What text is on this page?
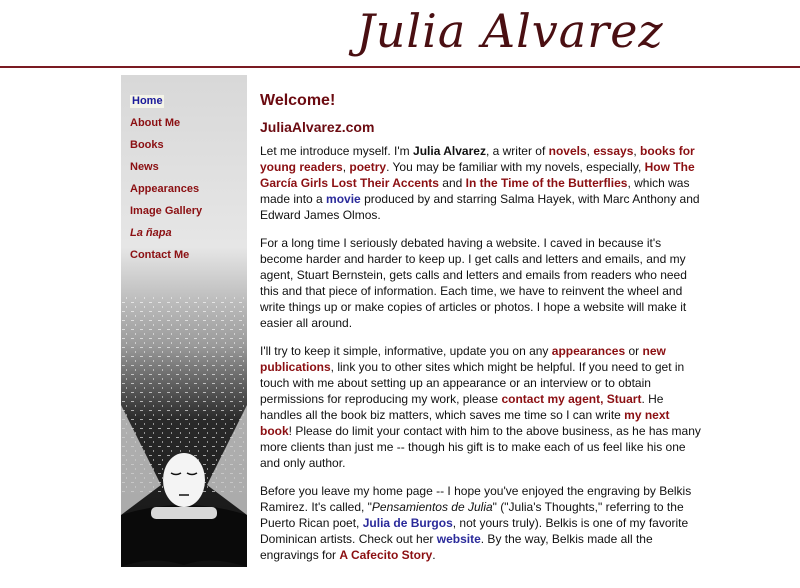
Julia Alvarez
Home
About Me
Books
News
Appearances
Image Gallery
La ñapa
Contact Me
Welcome!
JuliaAlvarez.com

Let me introduce myself. I'm Julia Alvarez, a writer of novels, essays, books for young readers, poetry. You may be familiar with my novels, especially, How The García Girls Lost Their Accents and In the Time of the Butterflies, which was made into a movie produced by and starring Salma Hayek, with Marc Anthony and Edward James Olmos.

For a long time I seriously debated having a website. I caved in because it's become harder and harder to keep up. I get calls and letters and emails, and my agent, Stuart Bernstein, gets calls and letters and emails from readers who need this and that piece of information. Each time, we have to reinvent the wheel and write things up or make copies of articles or photos. I hope a website will make it easier all around.

I'll try to keep it simple, informative, update you on any appearances or new publications, link you to other sites which might be helpful. If you need to get in touch with me about setting up an appearance or an interview or to obtain permissions for reproducing my work, please contact my agent, Stuart. He handles all the book biz matters, which saves me time so I can write my next book! Please do limit your contact with him to the above business, as he has many more clients than just me -- though his gift is to make each of us feel like his one and only author.

Before you leave my home page -- I hope you've enjoyed the engraving by Belkis Ramirez. It's called, "Pensamientos de Julia" ("Julia's Thoughts," referring to the Puerto Rican poet, Julia de Burgos, not yours truly). Belkis is one of my favorite Dominican artists. Check out her website. By the way, Belkis made all the engravings for A Cafecito Story.
